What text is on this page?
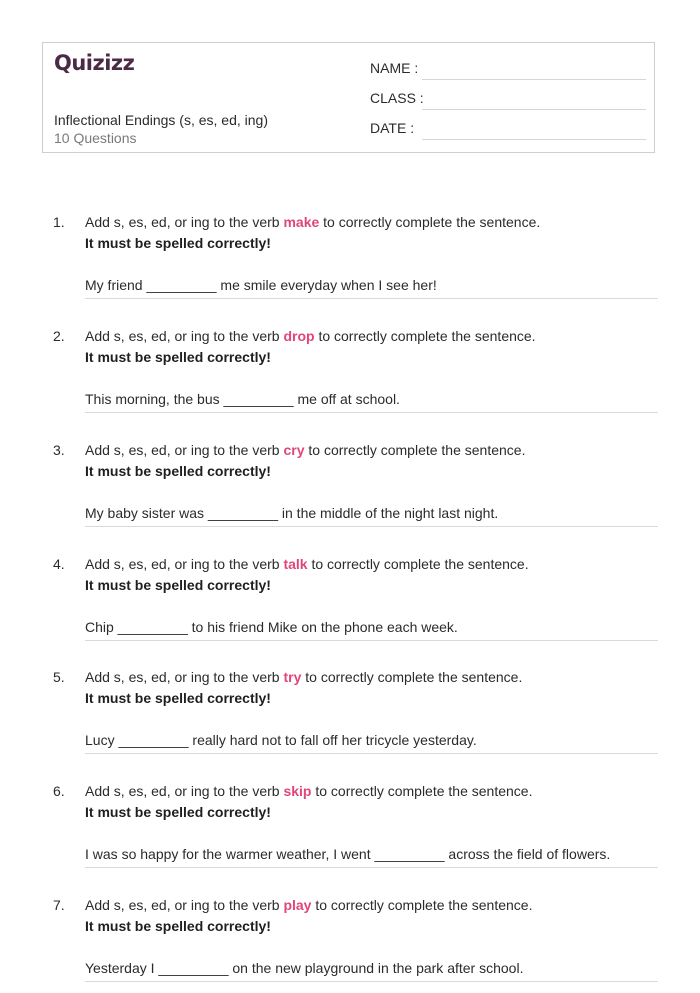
Quizizz
Inflectional Endings (s, es, ed, ing)
10 Questions
NAME :
CLASS :
DATE :
1. Add s, es, ed, or ing to the verb make to correctly complete the sentence.
It must be spelled correctly!
My friend _________ me smile everyday when I see her!
2. Add s, es, ed, or ing to the verb drop to correctly complete the sentence.
It must be spelled correctly!
This morning, the bus _________ me off at school.
3. Add s, es, ed, or ing to the verb cry to correctly complete the sentence.
It must be spelled correctly!
My baby sister was _________ in the middle of the night last night.
4. Add s, es, ed, or ing to the verb talk to correctly complete the sentence.
It must be spelled correctly!
Chip _________ to his friend Mike on the phone each week.
5. Add s, es, ed, or ing to the verb try to correctly complete the sentence.
It must be spelled correctly!
Lucy _________ really hard not to fall off her tricycle yesterday.
6. Add s, es, ed, or ing to the verb skip to correctly complete the sentence.
It must be spelled correctly!
I was so happy for the warmer weather, I went _________ across the field of flowers.
7. Add s, es, ed, or ing to the verb play to correctly complete the sentence.
It must be spelled correctly!
Yesterday I _________ on the new playground in the park after school.
